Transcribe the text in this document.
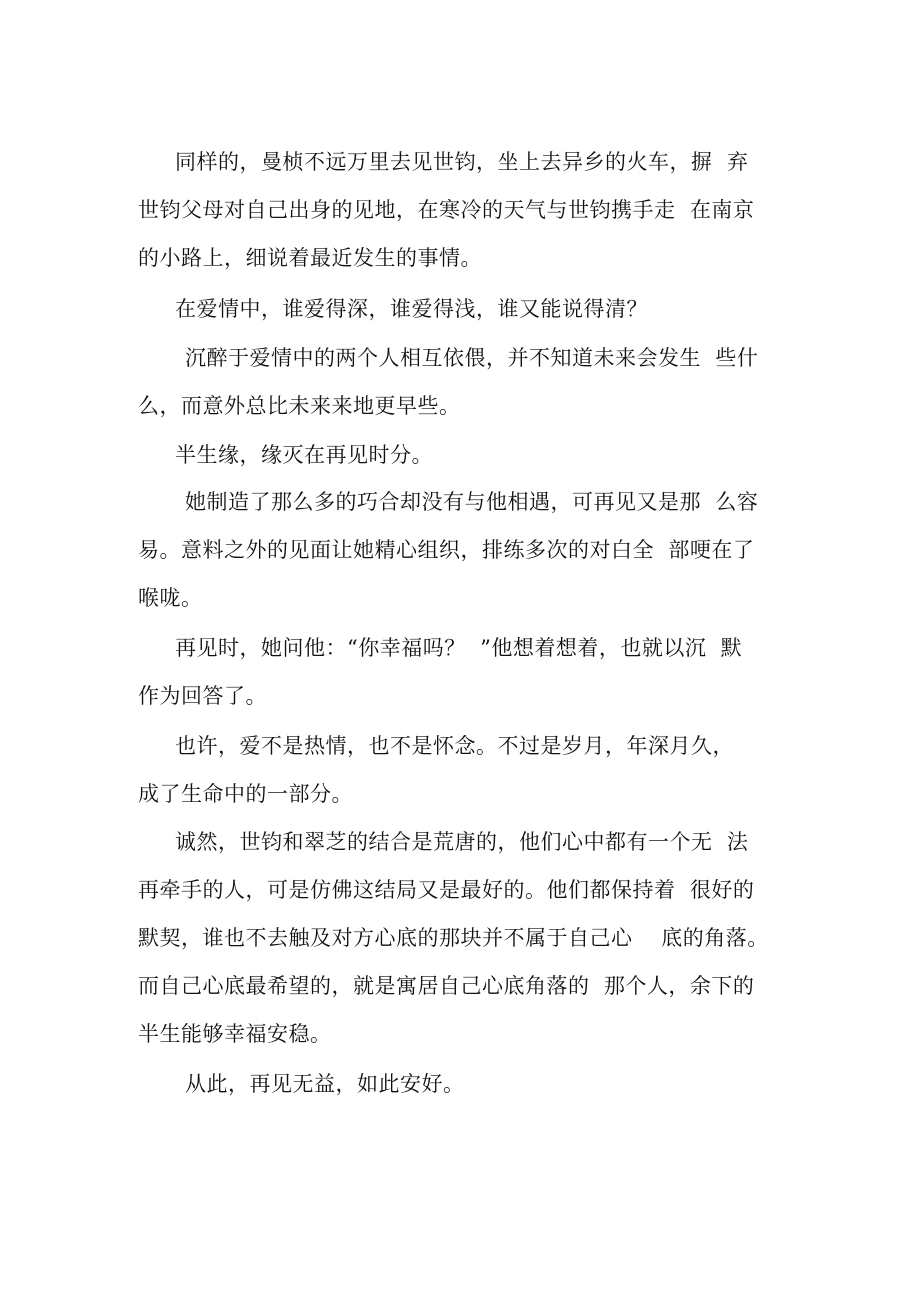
同样的，曼桢不远万里去见世钧，坐上去异乡的火车，摒  弃
世钧父母对自己出身的见地，在寒冷的天气与世钧携手走  在南京
的小路上，细说着最近发生的事情。
在爱情中，谁爱得深，谁爱得浅，谁又能说得清？
沉醉于爱情中的两个人相互依偎，并不知道未来会发生  些什
么，而意外总比未来来地更早些。
半生缘，缘灭在再见时分。
她制造了那么多的巧合却没有与他相遇，可再见又是那  么容
易。意料之外的见面让她精心组织，排练多次的对白全  部哽在了
喉咙。
再见时，她问他：“你幸福吗？  ”他想着想着，也就以沉  默
作为回答了。
也许，爱不是热情，也不是怀念。不过是岁月，年深月久，
成了生命中的一部分。
诚然，世钧和翠芝的结合是荒唐的，他们心中都有一个无  法
再牵手的人，可是仿佛这结局又是最好的。他们都保持着  很好的
默契，谁也不去触及对方心底的那块并不属于自己心    底的角落。
而自己心底最希望的，就是寓居自己心底角落的  那个人，余下的
半生能够幸福安稳。
从此，再见无益，如此安好。
